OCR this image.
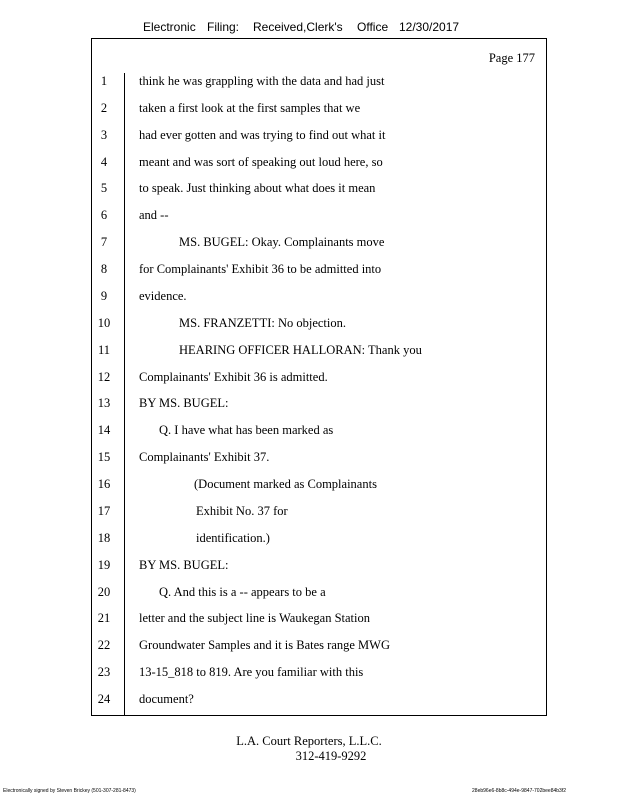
Electronic Filing: Received,Clerk's Office 12/30/2017
Page 177
1	think he was grappling with the data and had just
2	taken a first look at the first samples that we
3	had ever gotten and was trying to find out what it
4	meant and was sort of speaking out loud here, so
5	to speak. Just thinking about what does it mean
6	and --
7	MS. BUGEL: Okay. Complainants move
8	for Complainants' Exhibit 36 to be admitted into
9	evidence.
10	MS. FRANZETTI: No objection.
11	HEARING OFFICER HALLORAN: Thank you
12	Complainants' Exhibit 36 is admitted.
13	BY MS. BUGEL:
14	Q. I have what has been marked as
15	Complainants' Exhibit 37.
16	(Document marked as Complainants
17	Exhibit No. 37 for
18	identification.)
19	BY MS. BUGEL:
20	Q. And this is a -- appears to be a
21	letter and the subject line is Waukegan Station
22	Groundwater Samples and it is Bates range MWG
23	13-15_818 to 819. Are you familiar with this
24	document?
L.A. Court Reporters, L.L.C.
312-419-9292
Electronically signed by Steven Brickey (501-307-281-8473)	28eb96e6-8b8c-494e-9847-702bee84b3f2
